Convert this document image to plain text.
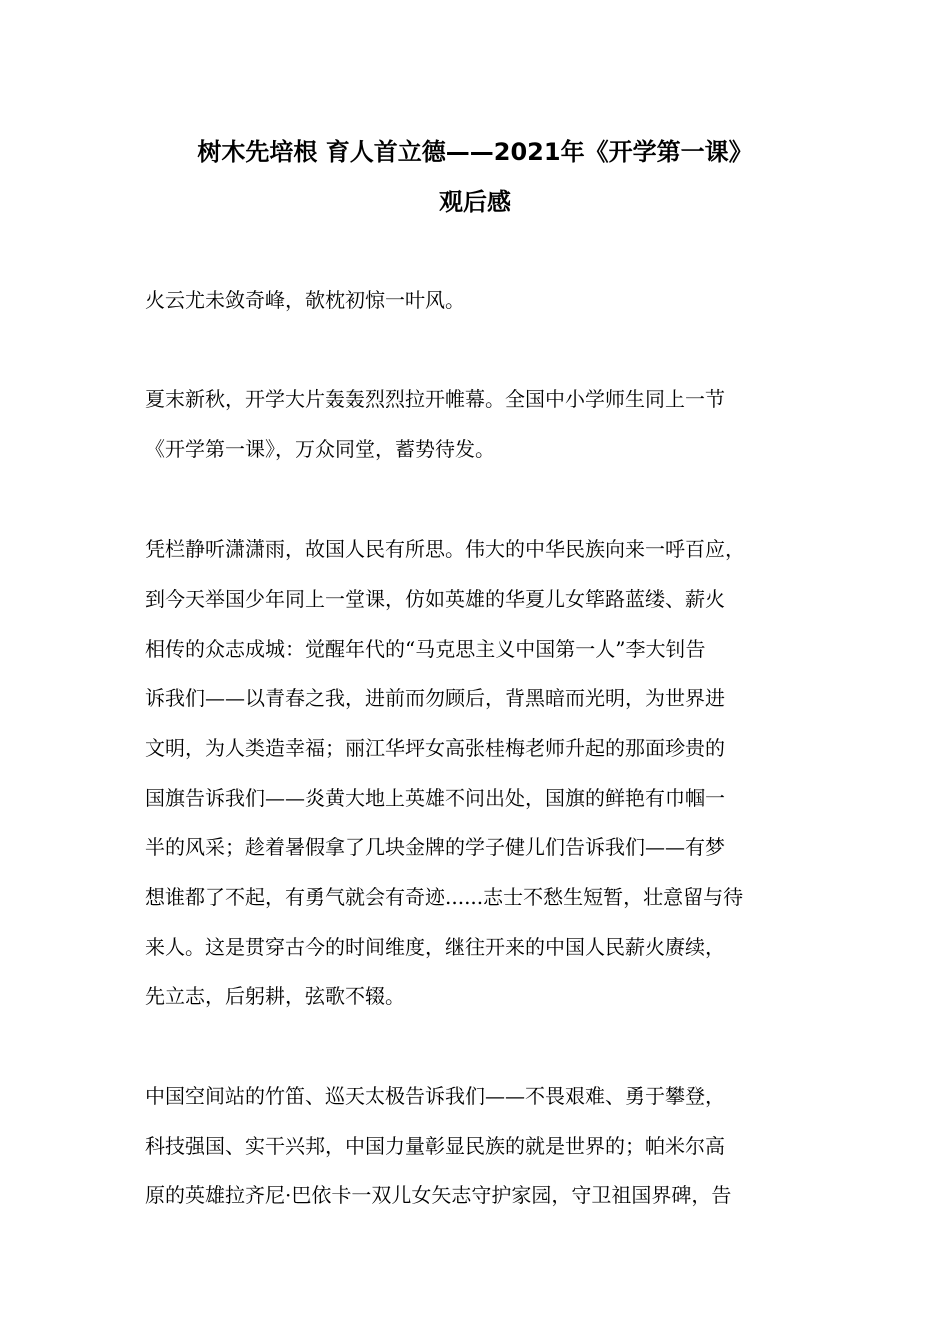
树木先培根 育人首立德——2021年《开学第一课》
观后感
火云尤未敛奇峰，欹枕初惊一叶风。
夏末新秋，开学大片轰轰烈烈拉开帷幕。全国中小学师生同上一节
《开学第一课》，万众同堂，蓄势待发。
凭栏静听潇潇雨，故国人民有所思。伟大的中华民族向来一呼百应，
到今天举国少年同上一堂课，仿如英雄的华夏儿女筚路蓝缕、薪火
相传的众志成城：觉醒年代的“马克思主义中国第一人”李大钊告
诉我们——以青春之我，进前而勿顾后，背黑暗而光明，为世界进
文明，为人类造幸福；丽江华坪女高张桂梅老师升起的那面珍贵的
国旗告诉我们——炎黄大地上英雄不问出处，国旗的鲜艳有巾帼一
半的风采；趁着暑假拿了几块金牌的学子健儿们告诉我们——有梦
想谁都了不起，有勇气就会有奇迹......志士不愁生短暂，壮意留与待
来人。这是贯穿古今的时间维度，继往开来的中国人民薪火赓续，
先立志，后躬耕，弦歌不辍。
中国空间站的竹笛、巡天太极告诉我们——不畏艰难、勇于攀登，
科技强国、实干兴邦，中国力量彰显民族的就是世界的；帕米尔高
原的英雄拉齐尼·巴依卡一双儿女矢志守护家园，守卫祖国界碑，告
